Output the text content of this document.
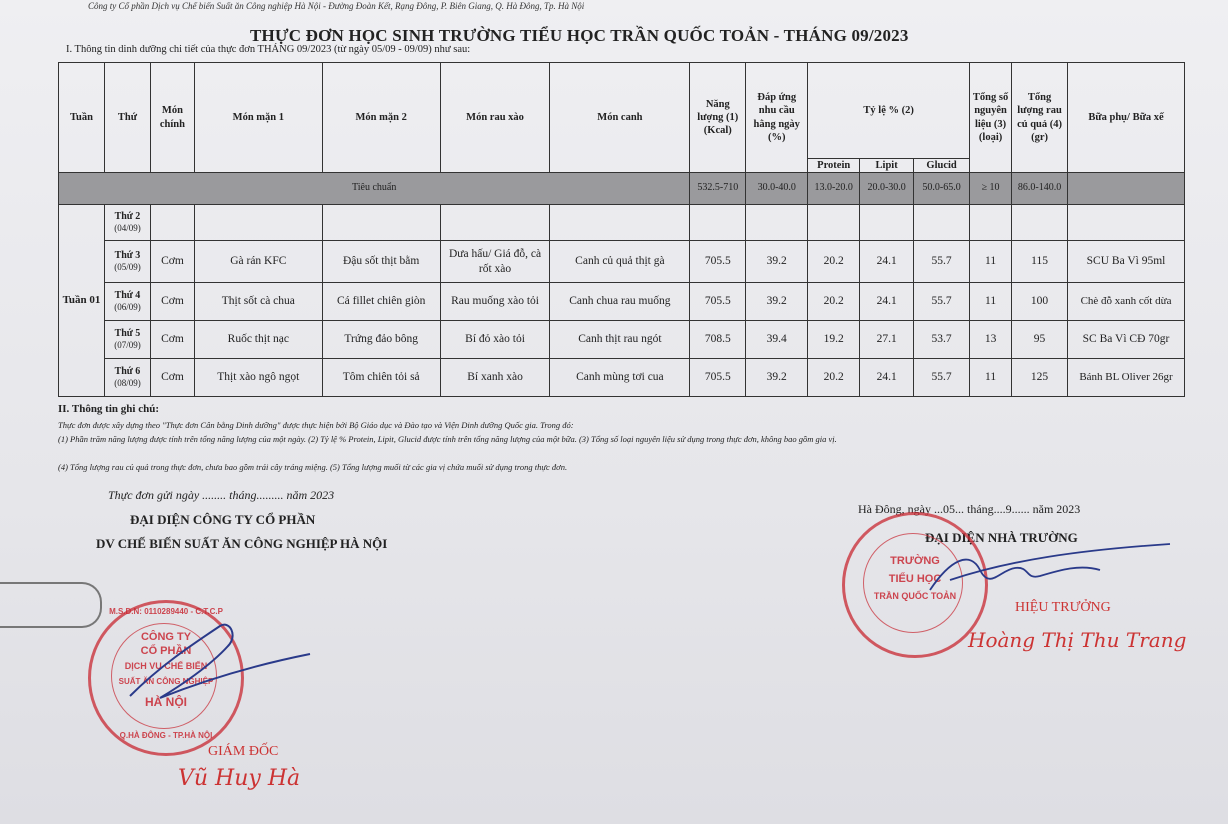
Công ty Cổ phần Dịch vụ Chế biến Suất ăn Công nghiệp Hà Nội - Đường Đoàn Kết, Rạng Đông, P. Biên Giang, Q. Hà Đông, Tp. Hà Nội
THỰC ĐƠN HỌC SINH TRƯỜNG TIỂU HỌC TRẦN QUỐC TOẢN - THÁNG 09/2023
I. Thông tin dinh dưỡng chi tiết của thực đơn THÁNG 09/2023 (từ ngày 05/09 - 09/09) như sau:
Tuần	Thứ	Món chính	Món mặn 1	Món mặn 2	Món rau xào	Món canh	Năng lượng (1) (Kcal)	Đáp ứng nhu cầu hằng ngày (%)	Tỷ lệ % (2)			Tổng số nguyên liệu (3) (loại)	Tổng lượng rau củ quả (4) (gr)	Bữa phụ/ Bữa xế
									Protein	Lipit	Glucid			
Tiêu chuẩn							532.5-710	30.0-40.0	13.0-20.0	20.0-30.0	50.0-65.0	≥ 10	86.0-140.0	
Tuần 01	Thứ 2
(04/09)													

	Thứ 3
(05/09)	Cơm	Gà rán KFC	Đậu sốt thịt bằm	Dưa hấu/ Giá đỗ, cà rốt xào	Canh củ quả thịt gà	705.5	39.2	20.2	24.1	55.7	11	115	SCU Ba Vì 95ml
	Thứ 4
(06/09)	Cơm	Thịt sốt cà chua	Cá fillet chiên giòn	Rau muống xào tỏi	Canh chua rau muống	705.5	39.2	20.2	24.1	55.7	11	100	Chè đỗ xanh cốt dừa
	Thứ 5
(07/09)	Cơm	Ruốc thịt nạc	Trứng đảo bông	Bí đỏ xào tỏi	Canh thịt rau ngót	708.5	39.4	19.2	27.1	53.7	13	95	SC Ba Vì CĐ 70gr
	Thứ 6
(08/09)	Cơm	Thịt xào ngô ngọt	Tôm chiên tỏi sả	Bí xanh xào	Canh mùng tơi cua	705.5	39.2	20.2	24.1	55.7	11	125	Bánh BL Oliver 26gr
II. Thông tin ghi chú:
Thực đơn được xây dựng theo "Thực đơn Cân bằng Dinh dưỡng" được thực hiện bởi Bộ Giáo dục và Đào tạo và Viện Dinh dưỡng Quốc gia. Trong đó:
(1) Phần trăm năng lượng được tính trên tổng năng lượng của một ngày. (2) Tỷ lệ % Protein, Lipit, Glucid được tính trên tổng năng lượng của một bữa. (3) Tổng số loại nguyên liệu sử dụng trong thực đơn, không bao gồm gia vị.
(4) Tổng lượng rau củ quả trong thực đơn, chưa bao gồm trái cây tráng miệng. (5) Tổng lượng muối từ các gia vị chứa muối sử dụng trong thực đơn.
Thực đơn gửi ngày ........ tháng......... năm 2023
ĐẠI DIỆN CÔNG TY CỔ PHẦN
DV CHẾ BIẾN SUẤT ĂN CÔNG NGHIỆP HÀ NỘI
Hà Đông, ngày ...05... tháng....9...... năm 2023
ĐẠI DIỆN NHÀ TRƯỜNG
M.S.D.N: 0110289440 - C.T.C.P
CÔNG TY
CỔ PHẦN
DỊCH VỤ CHẾ BIẾN
SUẤT ĂN CÔNG NGHIỆP
HÀ NỘI
Q.HÀ ĐÔNG - TP.HÀ NỘI
TRƯỜNG
TIỂU HỌC
TRẦN QUỐC TOẢN
HIỆU TRƯỞNG
Hoàng Thị Thu Trang
GIÁM ĐỐC
Vũ Huy Hà
